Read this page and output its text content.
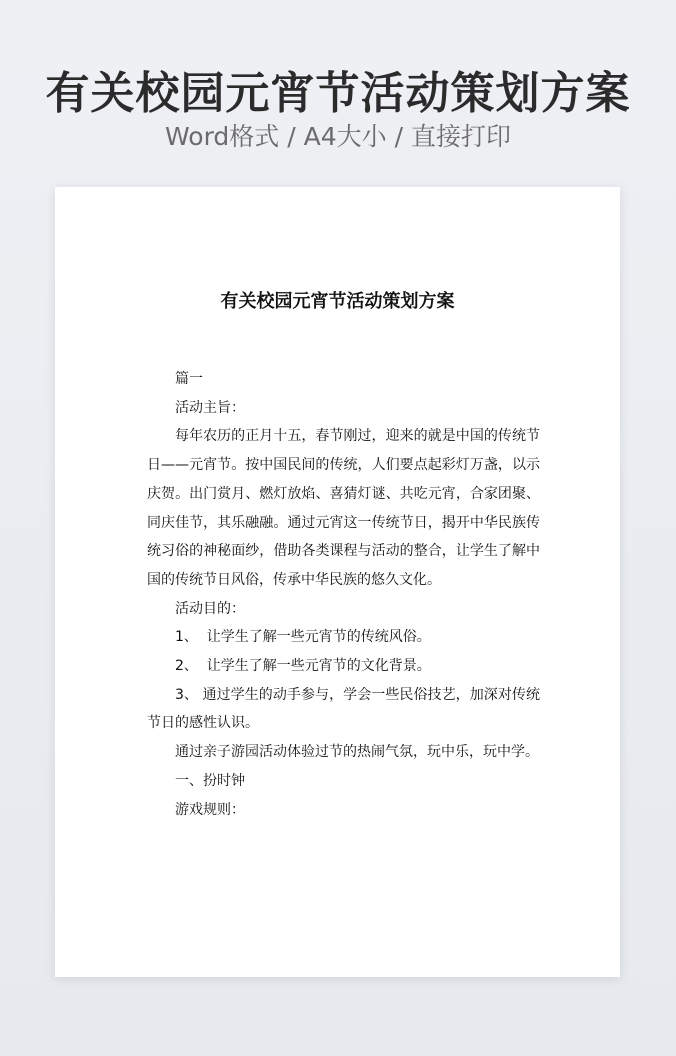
有关校园元宵节活动策划方案
Word格式 / A4大小 / 直接打印
有关校园元宵节活动策划方案

篇一

活动主旨：

每年农历的正月十五，春节刚过，迎来的就是中国的传统节日——元宵节。按中国民间的传统，人们要点起彩灯万盏，以示庆贺。出门赏月、燃灯放焰、喜猜灯谜、共吃元宵，合家团聚、同庆佳节，其乐融融。通过元宵这一传统节日，揭开中华民族传统习俗的神秘面纱，借助各类课程与活动的整合，让学生了解中国的传统节日风俗，传承中华民族的悠久文化。

活动目的：

1、  让学生了解一些元宵节的传统风俗。

2、  让学生了解一些元宵节的文化背景。

3、 通过学生的动手参与，学会一些民俗技艺，加深对传统节日的感性认识。

通过亲子游园活动体验过节的热闹气氛，玩中乐，玩中学。

一、扮时钟

游戏规则：
